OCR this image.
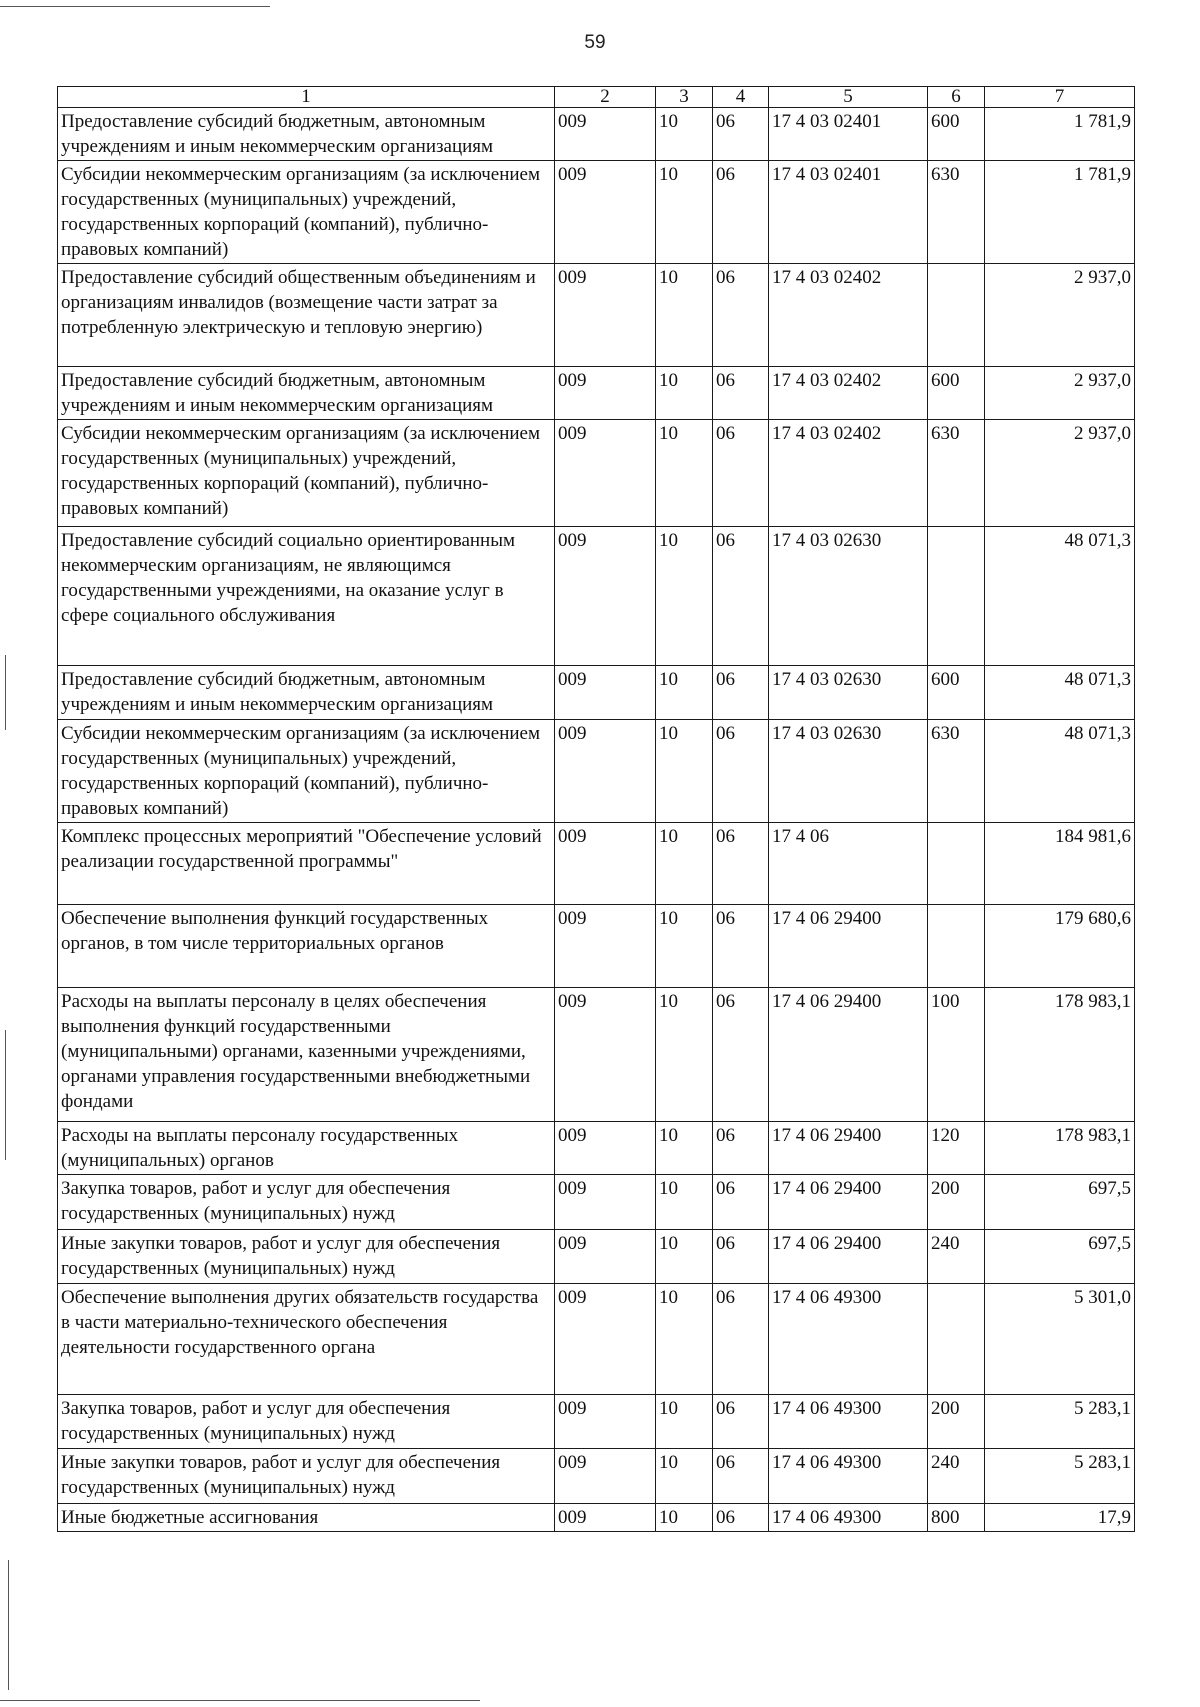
59
1	2	3	4	5	6	7
Предоставление субсидий бюджетным, автономным учреждениям и иным некоммерческим организациям	009	10	06	17 4 03 02401	600	1 781,9
Субсидии некоммерческим организациям (за исключением государственных (муниципальных) учреждений, государственных корпораций (компаний), публично-правовых компаний)	009	10	06	17 4 03 02401	630	1 781,9
Предоставление субсидий общественным объединениям и организациям инвалидов (возмещение части затрат за потребленную электрическую и тепловую энергию)	009	10	06	17 4 03 02402		2 937,0
Предоставление субсидий бюджетным, автономным учреждениям и иным некоммерческим организациям	009	10	06	17 4 03 02402	600	2 937,0
Субсидии некоммерческим организациям (за исключением государственных (муниципальных) учреждений, государственных корпораций (компаний), публично-правовых компаний)	009	10	06	17 4 03 02402	630	2 937,0
Предоставление субсидий социально ориентированным некоммерческим организациям, не являющимся государственными учреждениями, на оказание услуг в сфере социального обслуживания	009	10	06	17 4 03 02630		48 071,3
Предоставление субсидий бюджетным, автономным учреждениям и иным некоммерческим организациям	009	10	06	17 4 03 02630	600	48 071,3
Субсидии некоммерческим организациям (за исключением государственных (муниципальных) учреждений, государственных корпораций (компаний), публично-правовых компаний)	009	10	06	17 4 03 02630	630	48 071,3
Комплекс процессных мероприятий "Обеспечение условий реализации государственной программы"	009	10	06	17 4 06		184 981,6
Обеспечение выполнения функций государственных органов, в том числе территориальных органов	009	10	06	17 4 06 29400		179 680,6
Расходы на выплаты персоналу в целях обеспечения выполнения функций государственными (муниципальными) органами, казенными учреждениями, органами управления государственными внебюджетными фондами	009	10	06	17 4 06 29400	100	178 983,1
Расходы на выплаты персоналу государственных (муниципальных) органов	009	10	06	17 4 06 29400	120	178 983,1
Закупка товаров, работ и услуг для обеспечения государственных (муниципальных) нужд	009	10	06	17 4 06 29400	200	697,5
Иные закупки товаров, работ и услуг для обеспечения государственных (муниципальных) нужд	009	10	06	17 4 06 29400	240	697,5
Обеспечение выполнения других обязательств государства в части материально-технического обеспечения деятельности государственного органа	009	10	06	17 4 06 49300		5 301,0
Закупка товаров, работ и услуг для обеспечения государственных (муниципальных) нужд	009	10	06	17 4 06 49300	200	5 283,1
Иные закупки товаров, работ и услуг для обеспечения государственных (муниципальных) нужд	009	10	06	17 4 06 49300	240	5 283,1
Иные бюджетные ассигнования	009	10	06	17 4 06 49300	800	17,9
